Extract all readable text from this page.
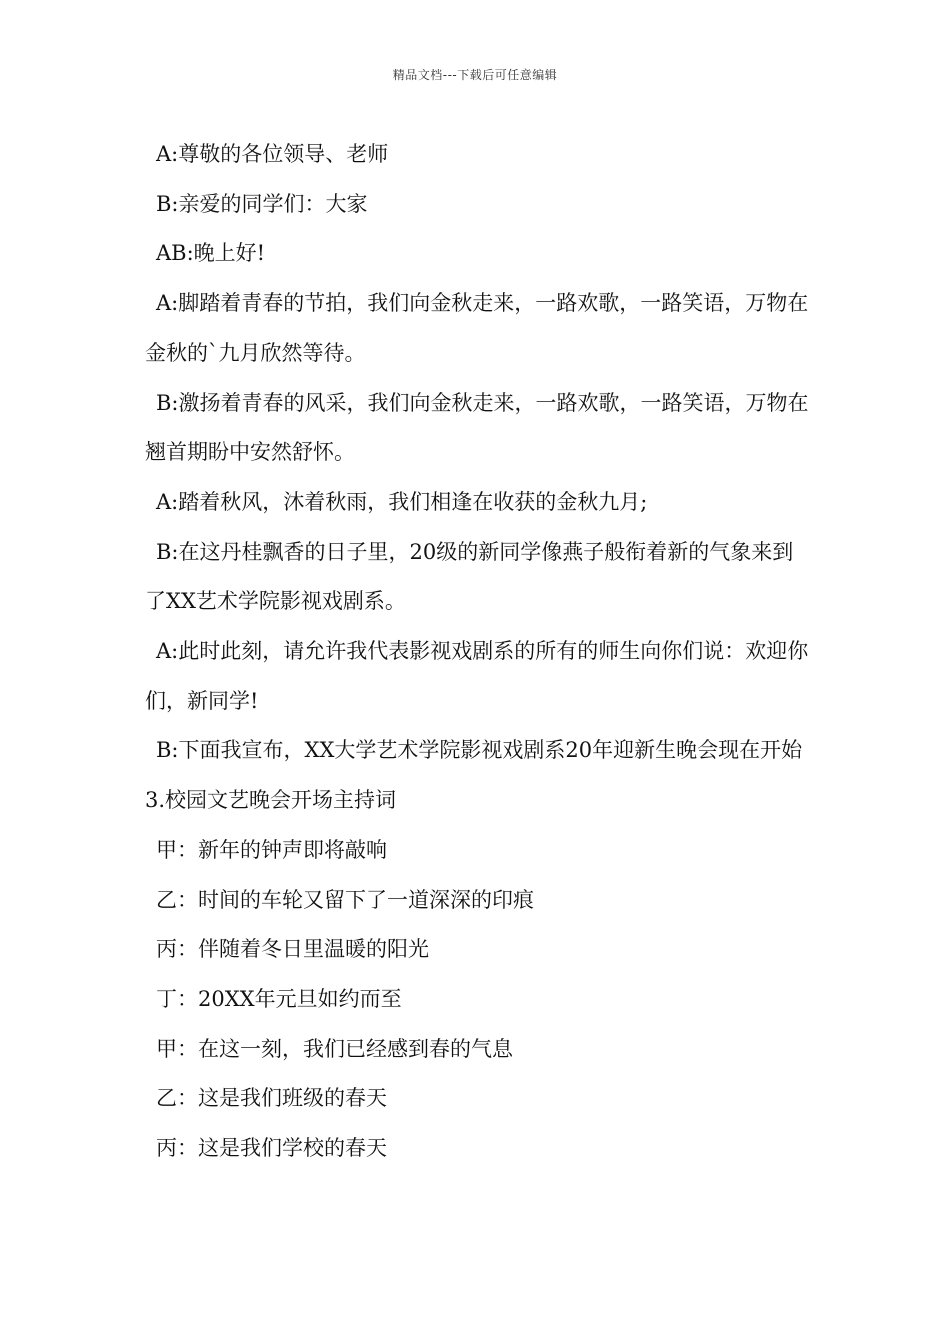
精品文档---下载后可任意编辑

A:尊敬的各位领导、老师

B:亲爱的同学们：大家

AB:晚上好!

A:脚踏着青春的节拍，我们向金秋走来，一路欢歌，一路笑语，万物在金秋的`九月欣然等待。

B:激扬着青春的风采，我们向金秋走来，一路欢歌，一路笑语，万物在翘首期盼中安然舒怀。

A:踏着秋风，沐着秋雨，我们相逢在收获的金秋九月;

B:在这丹桂飘香的日子里，20级的新同学像燕子般衔着新的气象来到了XX艺术学院影视戏剧系。

A:此时此刻，请允许我代表影视戏剧系的所有的师生向你们说：欢迎你们，新同学!

B:下面我宣布，XX大学艺术学院影视戏剧系20年迎新生晚会现在开始

3.校园文艺晚会开场主持词

甲：新年的钟声即将敲响

乙：时间的车轮又留下了一道深深的印痕

丙：伴随着冬日里温暖的阳光

丁：20XX年元旦如约而至

甲：在这一刻，我们已经感到春的气息

乙：这是我们班级的春天

丙：这是我们学校的春天
